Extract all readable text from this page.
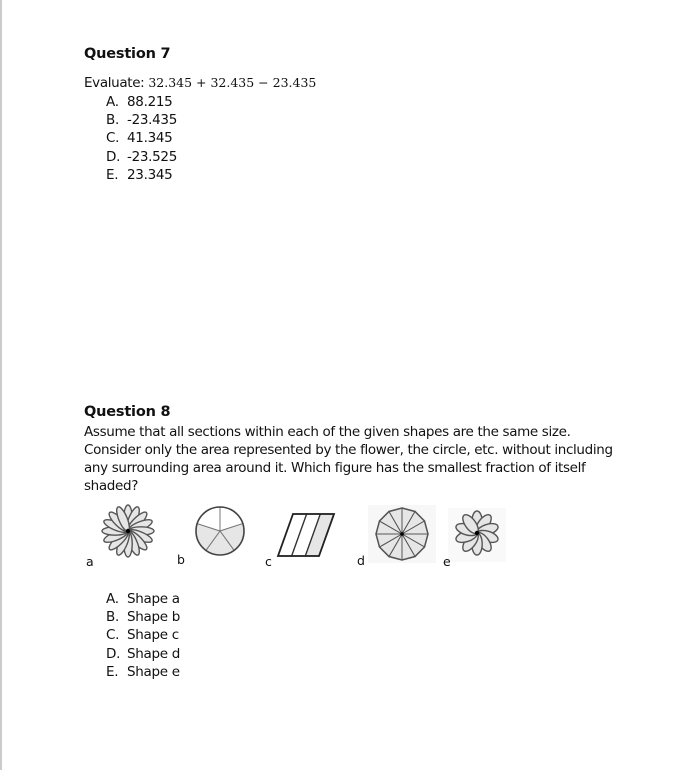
Question 7
Evaluate: 32.345 + 32.435 − 23.435
A. 88.215
B. -23.435
C. 41.345
D. -23.525
E. 23.345
Question 8
Assume that all sections within each of the given shapes are the same size.
Consider only the area represented by the flower, the circle, etc. without including
any surrounding area around it. Which figure has the smallest fraction of itself
shaded?
a	b	c	d	e
A. Shape a
B. Shape b
C. Shape c
D. Shape d
E. Shape e
